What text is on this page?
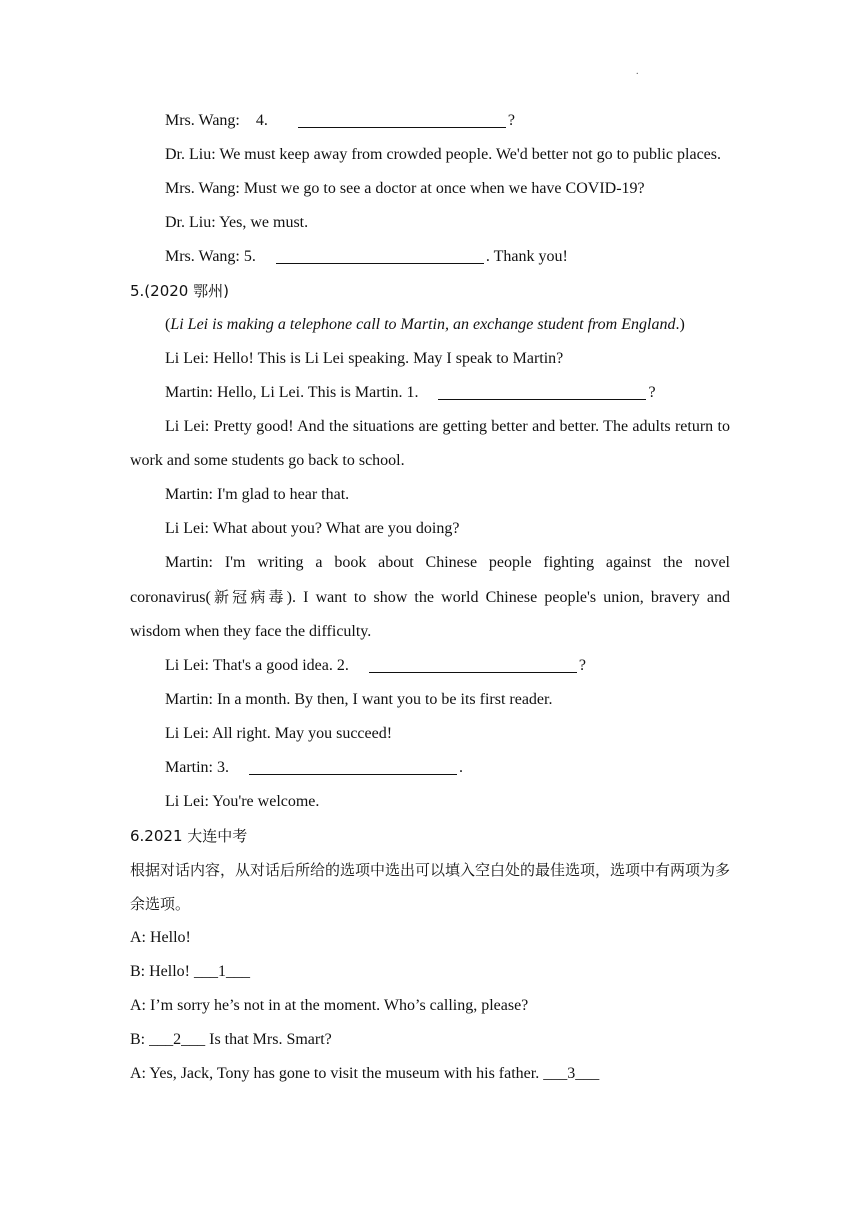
.
Mrs. Wang: 4.	?
Dr. Liu: We must keep away from crowded people. We'd better not go to public places.
Mrs. Wang: Must we go to see a doctor at once when we have COVID-19?
Dr. Liu: Yes, we must.
Mrs. Wang: 5.	. Thank you!
5.(2020 鄂州)
(Li Lei is making a telephone call to Martin, an exchange student from England.)
Li Lei: Hello! This is Li Lei speaking. May I speak to Martin?
Martin: Hello, Li Lei. This is Martin. 1.	?
Li Lei: Pretty good! And the situations are getting better and better. The adults return to work and some students go back to school.
Martin: I'm glad to hear that.
Li Lei: What about you? What are you doing?
Martin: I'm writing a book about Chinese people fighting against the novel coronavirus(新冠病毒). I want to show the world Chinese people's union, bravery and wisdom when they face the difficulty.
Li Lei: That's a good idea. 2.	?
Martin: In a month. By then, I want you to be its first reader.
Li Lei: All right. May you succeed!
Martin: 3.	.
Li Lei: You're welcome.
6.2021 大连中考
根据对话内容，从对话后所给的选项中选出可以填入空白处的最佳选项，选项中有两项为多余选项。
A: Hello!
B: Hello! ___1___
A: I’m sorry he’s not in at the moment. Who’s calling, please?
B: ___2___ Is that Mrs. Smart?
A: Yes, Jack, Tony has gone to visit the museum with his father. ___3___
